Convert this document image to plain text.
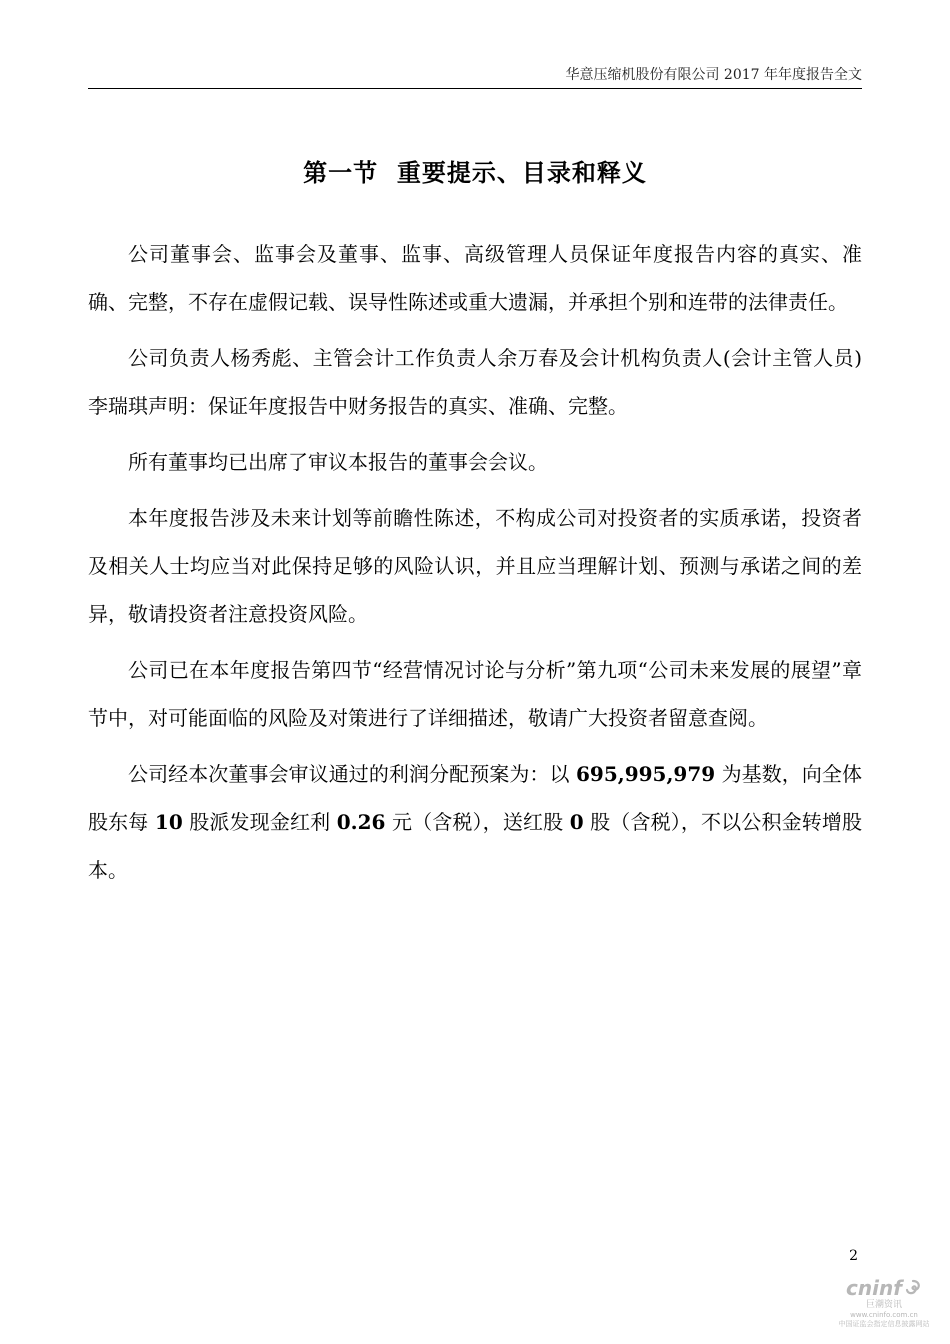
华意压缩机股份有限公司 2017 年年度报告全文
第一节  重要提示、目录和释义

公司董事会、监事会及董事、监事、高级管理人员保证年度报告内容的真实、准确、完整，不存在虚假记载、误导性陈述或重大遗漏，并承担个别和连带的法律责任。

公司负责人杨秀彪、主管会计工作负责人余万春及会计机构负责人(会计主管人员)李瑞琪声明：保证年度报告中财务报告的真实、准确、完整。

所有董事均已出席了审议本报告的董事会会议。

本年度报告涉及未来计划等前瞻性陈述，不构成公司对投资者的实质承诺，投资者及相关人士均应当对此保持足够的风险认识，并且应当理解计划、预测与承诺之间的差异，敬请投资者注意投资风险。

公司已在本年度报告第四节“经营情况讨论与分析”第九项“公司未来发展的展望”章节中，对可能面临的风险及对策进行了详细描述，敬请广大投资者留意查阅。

公司经本次董事会审议通过的利润分配预案为：以 695,995,979 为基数，向全体股东每 10 股派发现金红利 0.26 元（含税），送红股 0 股（含税），不以公积金转增股本。

2
cninf
巨潮资讯
www.cninfo.com.cn
中国证监会指定信息披露网站
